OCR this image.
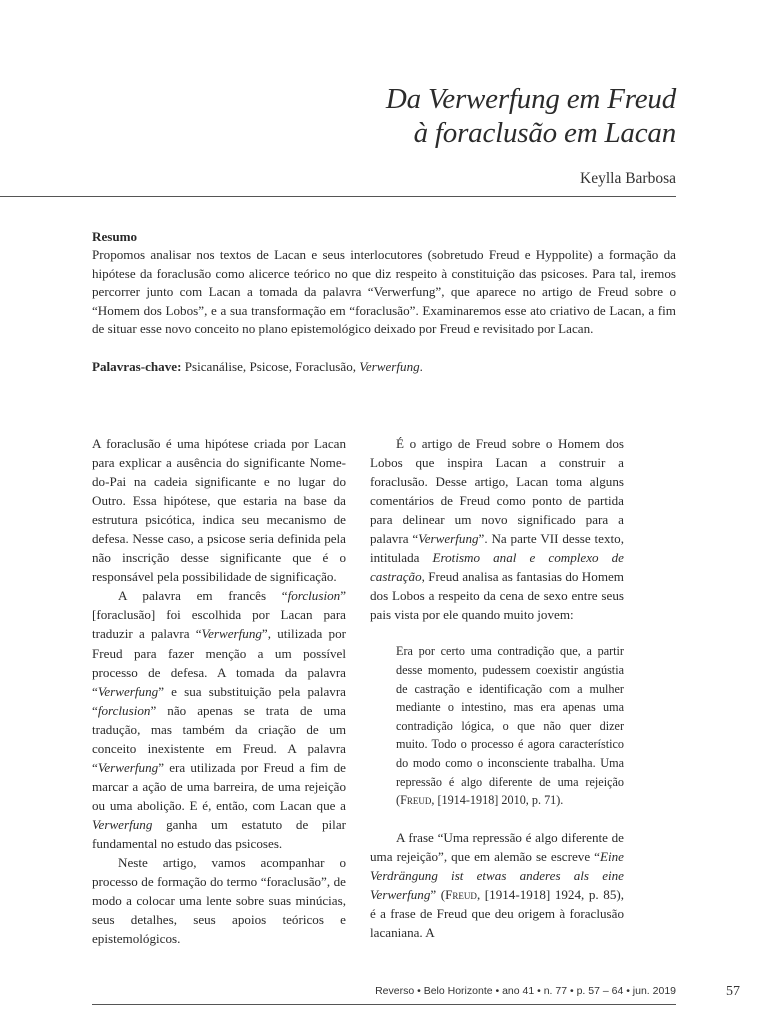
Da Verwerfung em Freud
à foraclusão em Lacan
Keylla Barbosa

Resumo

Propomos analisar nos textos de Lacan e seus interlocutores (sobretudo Freud e Hyppolite) a formação da hipótese da foraclusão como alicerce teórico no que diz respeito à constituição das psicoses. Para tal, iremos percorrer junto com Lacan a tomada da palavra “Verwerfung”, que aparece no artigo de Freud sobre o “Homem dos Lobos”, e a sua transformação em “foraclusão”. Examinaremos esse ato criativo de Lacan, a fim de situar esse novo conceito no plano epistemológico deixado por Freud e revisitado por Lacan.

Palavras-chave: Psicanálise, Psicose, Foraclusão, Verwerfung.

A foraclusão é uma hipótese criada por Lacan para explicar a ausência do significante Nome-do-Pai na cadeia significante e no lugar do Outro. Essa hipótese, que estaria na base da estrutura psicótica, indica seu mecanismo de defesa. Nesse caso, a psicose seria definida pela não inscrição desse significante que é o responsável pela possibilidade de significação.

A palavra em francês “forclusion” [foraclusão] foi escolhida por Lacan para traduzir a palavra “Verwerfung”, utilizada por Freud para fazer menção a um possível processo de defesa. A tomada da palavra “Verwerfung” e sua substituição pela palavra “forclusion” não apenas se trata de uma tradução, mas também da criação de um conceito inexistente em Freud. A palavra “Verwerfung” era utilizada por Freud a fim de marcar a ação de uma barreira, de uma rejeição ou uma abolição. E é, então, com Lacan que a Verwerfung ganha um estatuto de pilar fundamental no estudo das psicoses.

Neste artigo, vamos acompanhar o processo de formação do termo “foraclusão”, de modo a colocar uma lente sobre suas minúcias, seus detalhes, seus apoios teóricos e epistemológicos.

É o artigo de Freud sobre o Homem dos Lobos que inspira Lacan a construir a foraclusão. Desse artigo, Lacan toma alguns comentários de Freud como ponto de partida para delinear um novo significado para a palavra “Verwerfung”. Na parte VII desse texto, intitulada Erotismo anal e complexo de castração, Freud analisa as fantasias do Homem dos Lobos a respeito da cena de sexo entre seus pais vista por ele quando muito jovem:

Era por certo uma contradição que, a partir desse momento, pudessem coexistir angústia de castração e identificação com a mulher mediante o intestino, mas era apenas uma contradição lógica, o que não quer dizer muito. Todo o processo é agora característico do modo como o inconsciente trabalha. Uma repressão é algo diferente de uma rejeição (Freud, [1914-1918] 2010, p. 71).

A frase “Uma repressão é algo diferente de uma rejeição”, que em alemão se escreve “Eine Verdrängung ist etwas anderes als eine Verwerfung” (Freud, [1914-1918] 1924, p. 85), é a frase de Freud que deu origem à foraclusão lacaniana. A

Reverso • Belo Horizonte • ano 41 • n. 77 • p. 57 – 64 • jun. 2019	57
